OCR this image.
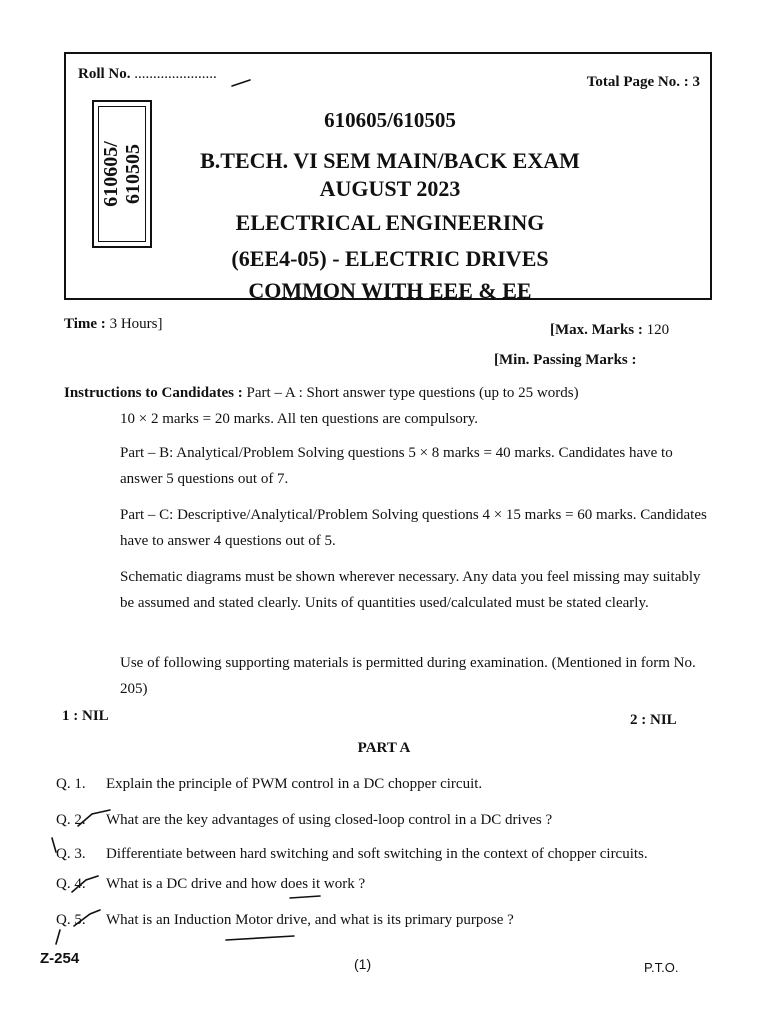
Roll No. ......................	Total Page No. : 3
610605/ 610505
610605/610505
B.TECH. VI SEM MAIN/BACK EXAM
AUGUST 2023
ELECTRICAL ENGINEERING
(6EE4-05) - ELECTRIC DRIVES
COMMON WITH EEE & EE
Time : 3 Hours]	[Max. Marks : 120
[Min. Passing Marks :
Instructions to Candidates : Part – A : Short answer type questions (up to 25 words)
10 × 2 marks = 20 marks. All ten questions are compulsory.
Part – B: Analytical/Problem Solving questions 5 × 8 marks = 40 marks. Candidates have to answer 5 questions out of 7.
Part – C: Descriptive/Analytical/Problem Solving questions 4 × 15 marks = 60 marks. Candidates have to answer 4 questions out of 5.
Schematic diagrams must be shown wherever necessary. Any data you feel missing may suitably be assumed and stated clearly. Units of quantities used/calculated must be stated clearly.
Use of following supporting materials is permitted during examination. (Mentioned in form No. 205)
1 : NIL	2 : NIL
PART A
Q. 1. Explain the principle of PWM control in a DC chopper circuit.
Q. 2. What are the key advantages of using closed-loop control in a DC drives ?
Q. 3. Differentiate between hard switching and soft switching in the context of chopper circuits.
Q. 4. What is a DC drive and how does it work ?
Q. 5. What is an Induction Motor drive, and what is its primary purpose ?
Z-254	(1)	P.T.O.
